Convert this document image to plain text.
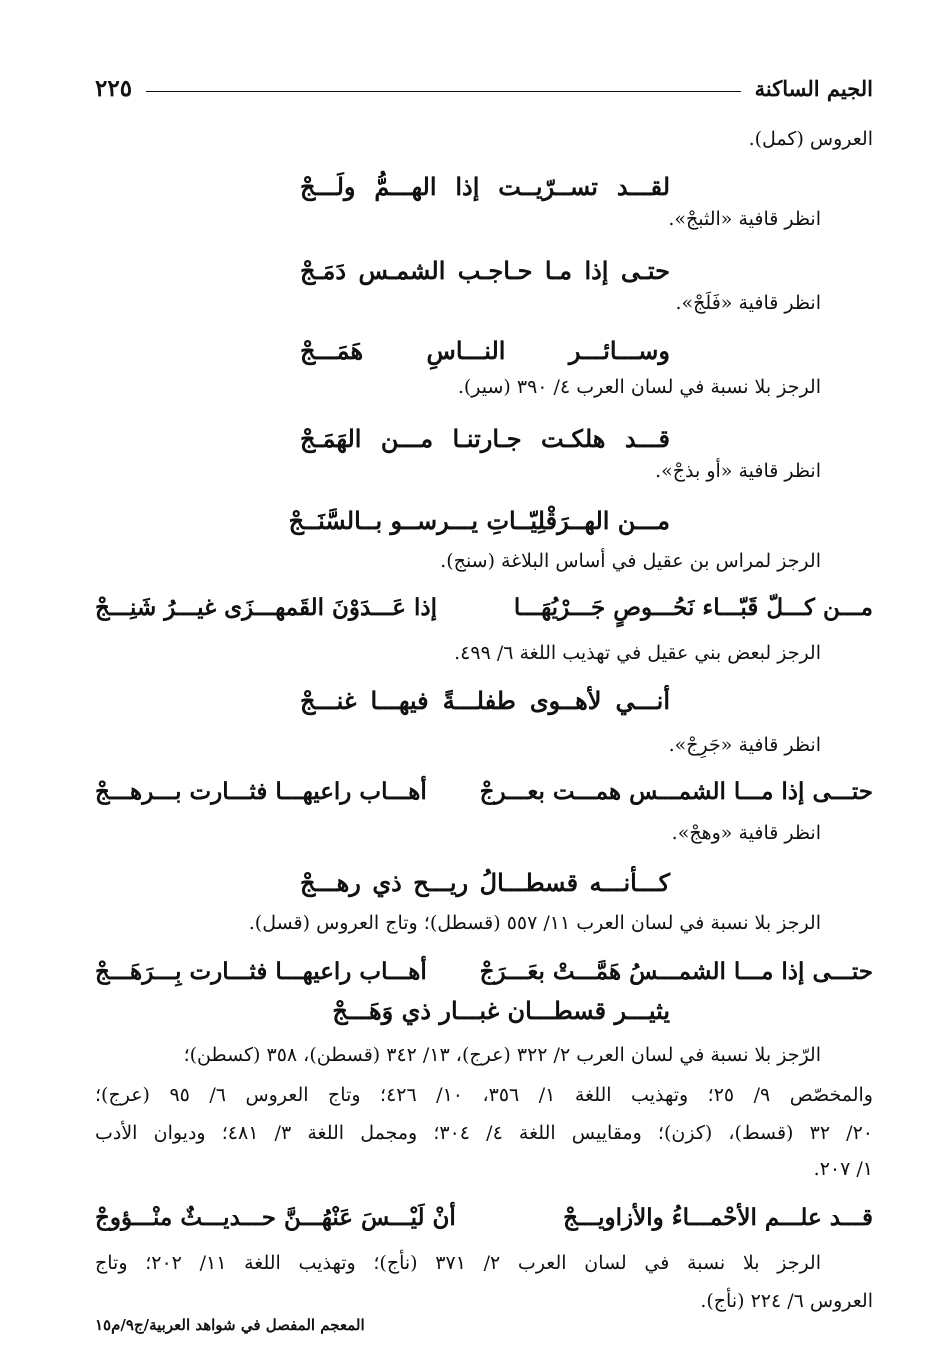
الجيم الساكنة
٢٢٥
العروس (كمل).
لقـــد تســرّيــت إذا الهـــمُّ ولَـــجْ
انظر قافية «الثبجْ».
حتـى إذا مـا حـاجـب الشمـس دَمَـجْ
انظر قافية «فَلَجْ».
وســـائـــر النـــاسِ هَمَـــجْ
الرجز بلا نسبة في لسان العرب ٤/ ٣٩٠ (سير).
قـــد هلكـت جـارتنـا مـــن الهَمَـجْ
انظر قافية «أو بذجْ».
مـــن الهــرَقْلِيّــاتِ يـــرســو بــالسَّنَــجْ
الرجز لمراس بن عقيل في أساس البلاغة (سنج).
مـــن كـــلّ قَبّـــاء نَحُـــوصٍ جَـــرْيُهَـــا
إذا عَـــدَوْنَ القَمهـــزَى غيـــرُ شَنِـــجْ
الرجز لبعض بني عقيل في تهذيب اللغة ٦/ ٤٩٩.
أنـــي لأهــوى طفلـــةً فيهـــا غنـــجْ
انظر قافية «جَرِجْ».
حتـــى إذا مـــا الشمـــس همـــت بعـــرجْ
أهـــاب راعيهـــا فثـــارت بـــرهـــجْ
انظر قافية «وهجْ».
كـــأنـــه قسطـــالُ ريـــح ذي رهـــجْ
الرجز بلا نسبة في لسان العرب ١١/ ٥٥٧ (قسطل)؛ وتاج العروس (قسل).
حتـــى إذا مـــا الشمـــسُ هَمَّـــتْ بعَـــرَجْ
أهـــاب راعيهـــا فثـــارت بِـــرَهَـــجْ
يثيـــر قسطـــان غبـــار ذي وَهَـــجْ
الرّجز بلا نسبة في لسان العرب ٢/ ٣٢٢ (عرج)، ١٣/ ٣٤٢ (قسطن)، ٣٥٨ (كسطن)؛
والمخصّص ٩/ ٢٥؛ وتهذيب اللغة ١/ ٣٥٦، ١٠/ ٤٢٦؛ وتاج العروس ٦/ ٩٥ (عرج)؛
٢٠/ ٣٢ (قسط)، (كزن)؛ ومقاييس اللغة ٤/ ٣٠٤؛ ومجمل اللغة ٣/ ٤٨١؛ وديوان الأدب
١/ ٢٠٧.
قـــد علـــم الأحْمـــاءُ والأزاويـــجْ
أنْ لَيْـــسَ عَنْهُـــنَّ حـــديـــثٌ منْـــؤوجْ
الرجز بلا نسبة في لسان العرب ٢/ ٣٧١ (نأج)؛ وتهذيب اللغة ١١/ ٢٠٢؛ وتاج
العروس ٦/ ٢٢٤ (نأج).
المعجم المفصل في شواهد العربية/ج٩/م١٥
